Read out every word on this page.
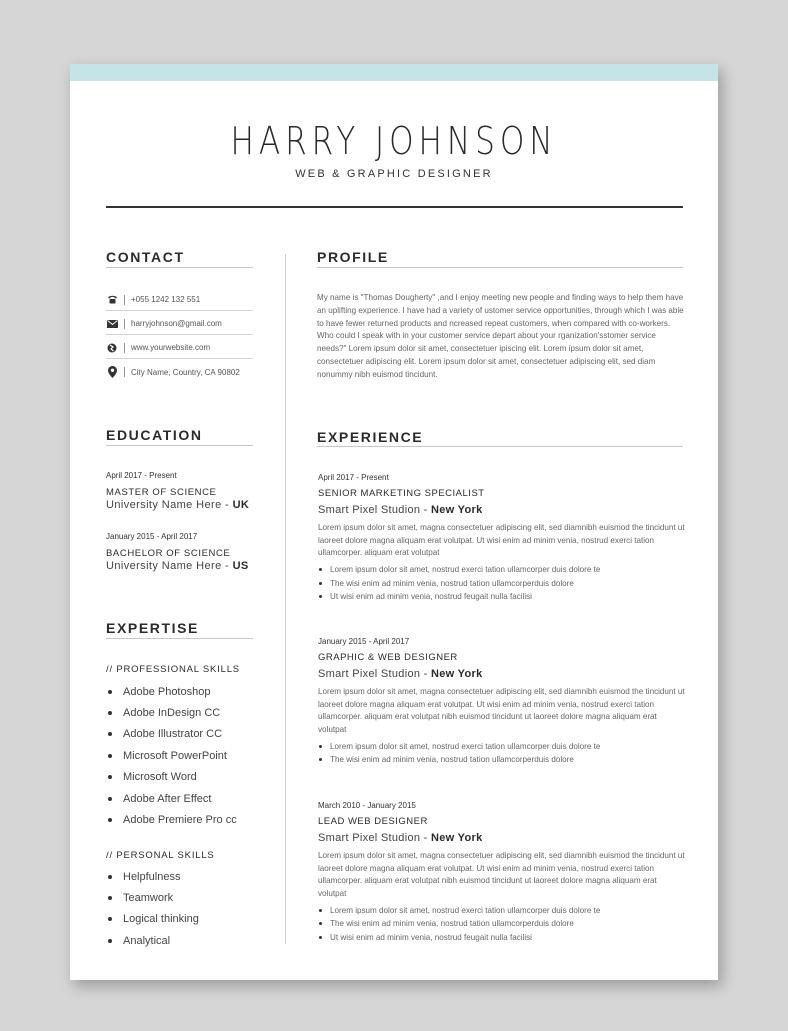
HARRY JOHNSON
WEB & GRAPHIC DESIGNER
CONTACT
+055 1242 132 551
harryjohnson@gmail.com
www.yourwebsite.com
City Name, Country, CA 90802
EDUCATION
April 2017 - Present
MASTER OF SCIENCE
University Name Here - UK
January 2015 - April 2017
BACHELOR OF SCIENCE
University Name Here - US
EXPERTISE
// PROFESSIONAL SKILLS
Adobe Photoshop
Adobe InDesign CC
Adobe Illustrator CC
Microsoft PowerPoint
Microsoft Word
Adobe After Effect
Adobe Premiere Pro cc
// PERSONAL SKILLS
Helpfulness
Teamwork
Logical thinking
Analytical
PROFILE
My name is "Thomas Dougherty" ,and I enjoy meeting new people and finding ways to help them have an uplifting experience. I have had a variety of ustomer service opportunities, through which I was able to have fewer returned products and ncreased repeat customers, when compared with co-workers. Who could I speak with in your customer service depart about your rganization'sstomer service needs?" Lorem ipsum dolor sit amet, consectetuer ipiscing elit. Lorem ipsum dolor sit amet, consectetuer adipiscing elit. Lorem ipsum dolor sit amet, consectetuer adipiscing elit, sed diam nonummy nibh euismod tincidunt.
EXPERIENCE
April 2017 - Present
SENIOR MARKETING SPECIALIST
Smart Pixel Studion - New York
Lorem ipsum dolor sit amet, magna consectetuer adipiscing elit, sed diamnibh euismod the tincidunt ut laoreet dolore magna aliquam erat volutpat. Ut wisi enim ad minim venia, nostrud exerci tation ullamcorper. aliquam erat volutpat
Lorem ipsum dolor sit amet, nostrud exerci tation ullamcorper duis dolore te
The wisi enim ad minim venia, nostrud tation ullamcorperduis dolore
Ut wisi enim ad minim venia, nostrud feugait nulla facilisi
January 2015 - April 2017
GRAPHIC & WEB DESIGNER
Smart Pixel Studion - New York
Lorem ipsum dolor sit amet, magna consectetuer adipiscing elit, sed diamnibh euismod the tincidunt ut laoreet dolore magna aliquam erat volutpat. Ut wisi enim ad minim venia, nostrud exerci tation ullamcorper. aliquam erat volutpat nibh euismod tincidunt ut laoreet dolore magna aliquam erat volutpat
Lorem ipsum dolor sit amet, nostrud exerci tation ullamcorper duis dolore te
The wisi enim ad minim venia, nostrud tation ullamcorperduis dolore
March 2010 - January 2015
LEAD WEB DESIGNER
Smart Pixel Studion - New York
Lorem ipsum dolor sit amet, magna consectetuer adipiscing elit, sed diamnibh euismod the tincidunt ut laoreet dolore magna aliquam erat volutpat. Ut wisi enim ad minim venia, nostrud exerci tation ullamcorper. aliquam erat volutpat nibh euismod tincidunt ut laoreet dolore magna aliquam erat volutpat
Lorem ipsum dolor sit amet, nostrud exerci tation ullamcorper duis dolore te
The wisi enim ad minim venia, nostrud tation ullamcorperduis dolore
Ut wisi enim ad minim venia, nostrud feugait nulla facilisi
